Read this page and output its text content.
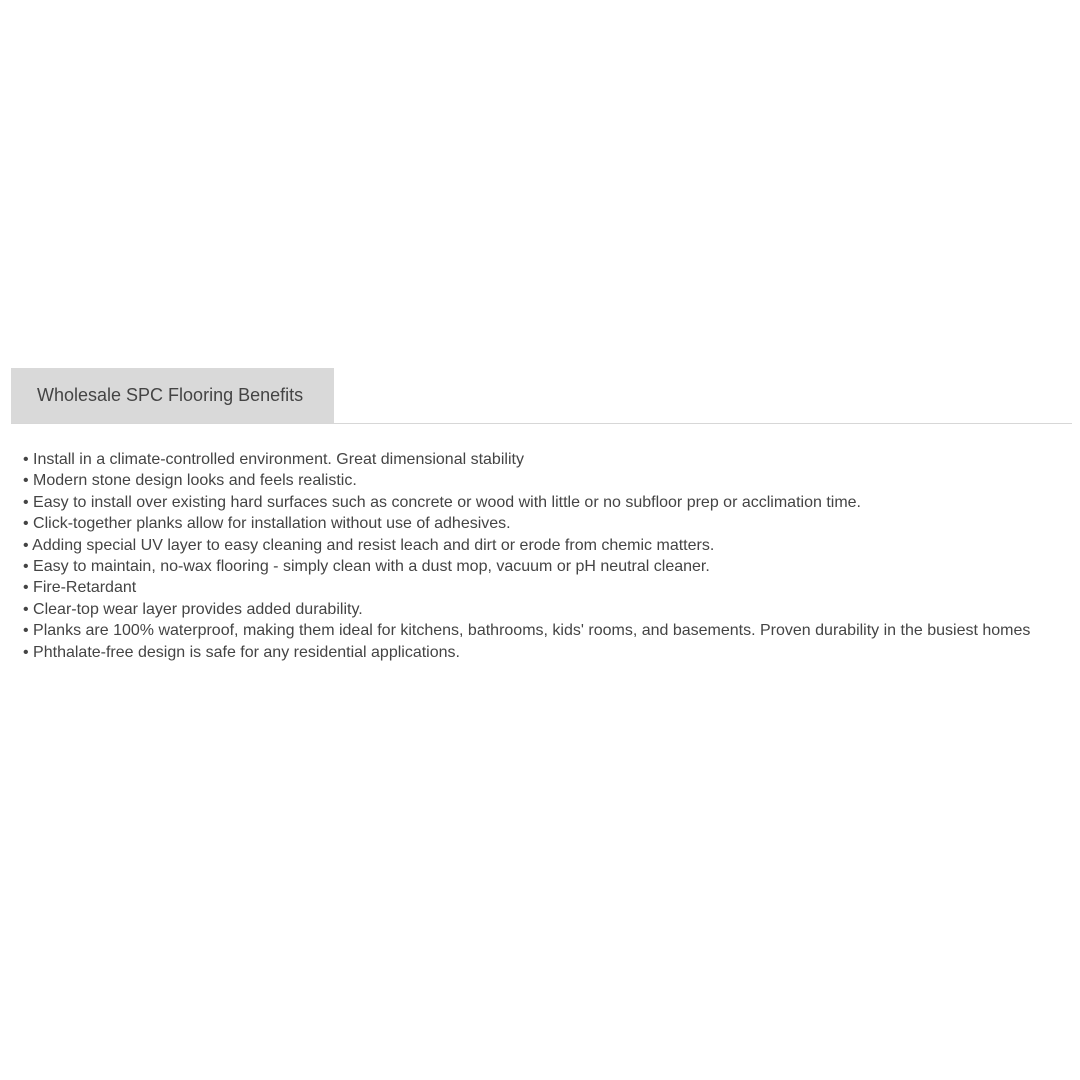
Wholesale SPC Flooring Benefits
• Install in a climate-controlled environment. Great dimensional stability
• Modern stone design looks and feels realistic.
• Easy to install over existing hard surfaces such as concrete or wood with little or no subfloor prep or acclimation time.
• Click-together planks allow for installation without use of adhesives.
• Adding special UV layer to easy cleaning and resist leach and dirt or erode from chemic matters.
• Easy to maintain, no-wax flooring - simply clean with a dust mop, vacuum or pH neutral cleaner.
• Fire-Retardant
• Clear-top wear layer provides added durability.
• Planks are 100% waterproof, making them ideal for kitchens, bathrooms, kids' rooms, and basements. Proven durability in the busiest homes
• Phthalate-free design is safe for any residential applications.
